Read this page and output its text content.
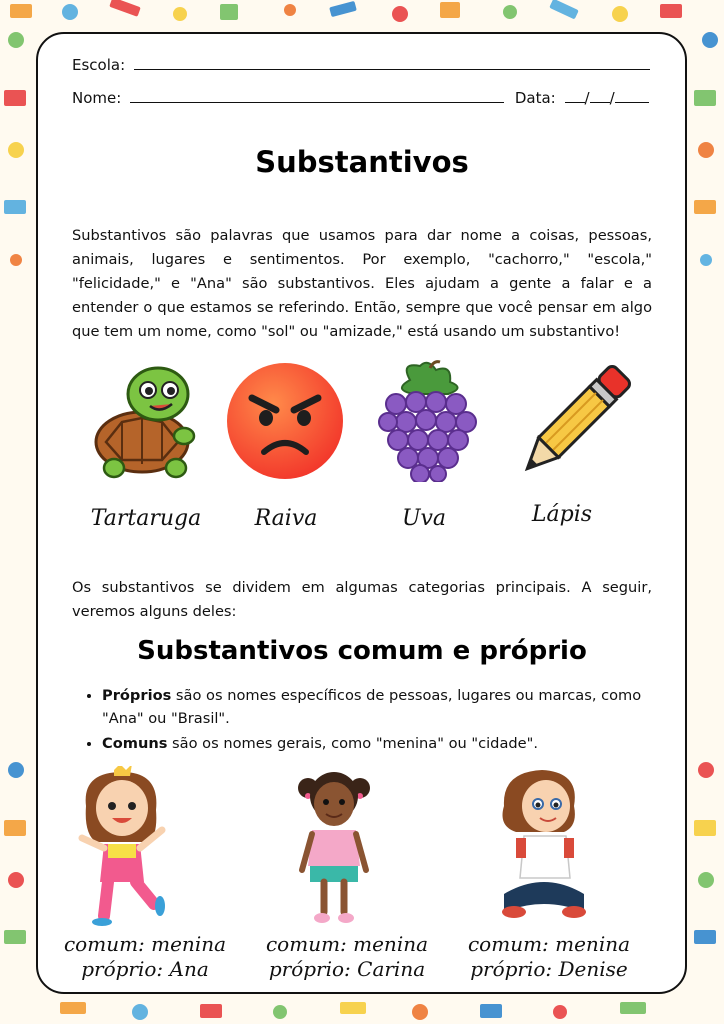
Escola:
Nome:	Data: / /
Substantivos
Substantivos são palavras que usamos para dar nome a coisas, pessoas, animais, lugares e sentimentos. Por exemplo, "cachorro," "escola," "felicidade," e "Ana" são substantivos. Eles ajudam a gente a falar e a entender o que estamos se referindo. Então, sempre que você pensar em algo que tem um nome, como "sol" ou "amizade," está usando um substantivo!
Tartaruga	Raiva	Uva	Lápis
Os substantivos se dividem em algumas categorias principais. A seguir, veremos alguns deles:
Substantivos comum e próprio
• Próprios são os nomes específicos de pessoas, lugares ou marcas, como "Ana" ou "Brasil".
• Comuns são os nomes gerais, como "menina" ou "cidade".
comum: menina
próprio: Ana
comum: menina
próprio: Carina
comum: menina
próprio: Denise
